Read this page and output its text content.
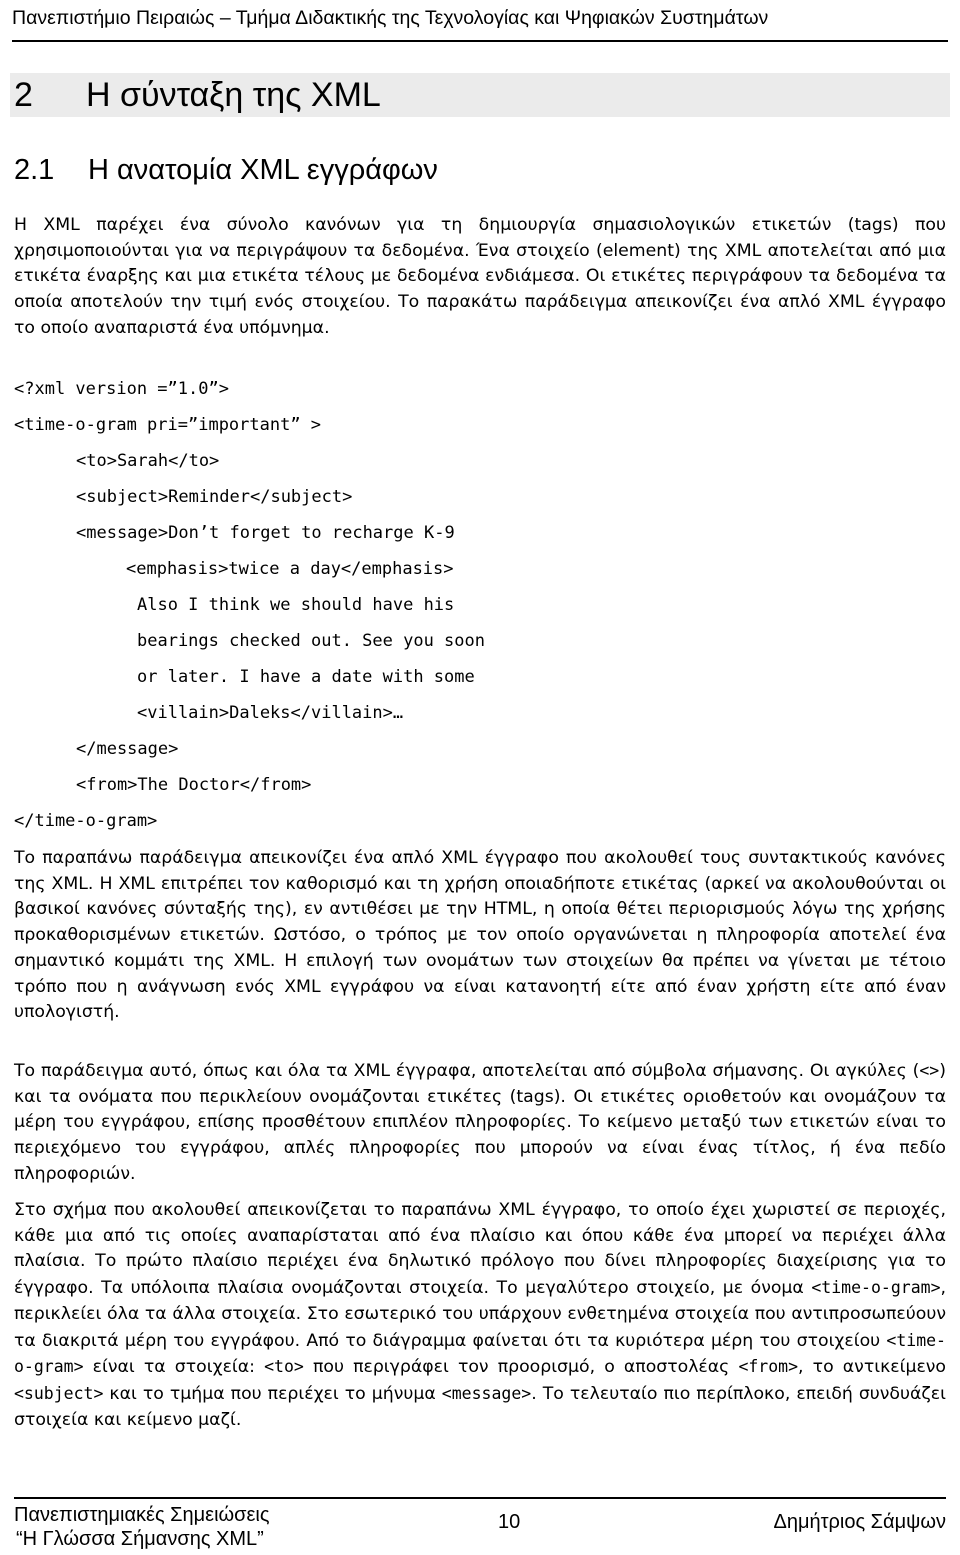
Πανεπιστήμιο Πειραιώς – Τμήμα Διδακτικής της Τεχνολογίας και Ψηφιακών Συστημάτων
2 Η σύνταξη της XML
2.1 Η ανατομία XML εγγράφων

Η XML παρέχει ένα σύνολο κανόνων για τη δημιουργία σημασιολογικών ετικετών (tags) που χρησιμοποιούνται για να περιγράψουν τα δεδομένα. Ένα στοιχείο (element) της XML αποτελείται από μια ετικέτα έναρξης και μια ετικέτα τέλους με δεδομένα ενδιάμεσα. Οι ετικέτες περιγράφουν τα δεδομένα τα οποία αποτελούν την τιμή ενός στοιχείου. Το παρακάτω παράδειγμα απεικονίζει ένα απλό XML έγγραφο το οποίο αναπαριστά ένα υπόμνημα.

<?xml version =”1.0”>
<time-o-gram pri=”important” >
<to>Sarah</to>
<subject>Reminder</subject>
<message>Don’t forget to recharge K-9
<emphasis>twice a day</emphasis>
Also I think we should have his
bearings checked out. See you soon
or later. I have a date with some
<villain>Daleks</villain>…
</message>
<from>The Doctor</from>
</time-o-gram>

Το παραπάνω παράδειγμα απεικονίζει ένα απλό XML έγγραφο που ακολουθεί τους συντακτικούς κανόνες της XML. Η XML επιτρέπει τον καθορισμό και τη χρήση οποιαδήποτε ετικέτας (αρκεί να ακολουθούνται οι βασικοί κανόνες σύνταξής της), εν αντιθέσει με την HTML, η οποία θέτει περιορισμούς λόγω της χρήσης προκαθορισμένων ετικετών. Ωστόσο, ο τρόπος με τον οποίο οργανώνεται η πληροφορία αποτελεί ένα σημαντικό κομμάτι της XML. Η επιλογή των ονομάτων των στοιχείων θα πρέπει να γίνεται με τέτοιο τρόπο που η ανάγνωση ενός XML εγγράφου να είναι κατανοητή είτε από έναν χρήστη είτε από έναν υπολογιστή.

Το παράδειγμα αυτό, όπως και όλα τα XML έγγραφα, αποτελείται από σύμβολα σήμανσης. Οι αγκύλες (<>) και τα ονόματα που περικλείουν ονομάζονται ετικέτες (tags). Οι ετικέτες οριοθετούν και ονομάζουν τα μέρη του εγγράφου, επίσης προσθέτουν επιπλέον πληροφορίες. Το κείμενο μεταξύ των ετικετών είναι το περιεχόμενο του εγγράφου, απλές πληροφορίες που μπορούν να είναι ένας τίτλος, ή ένα πεδίο πληροφοριών.

Στο σχήμα που ακολουθεί απεικονίζεται το παραπάνω XML έγγραφο, το οποίο έχει χωριστεί σε περιοχές, κάθε μια από τις οποίες αναπαρίσταται από ένα πλαίσιο και όπου κάθε ένα μπορεί να περιέχει άλλα πλαίσια. Το πρώτο πλαίσιο περιέχει ένα δηλωτικό πρόλογο που δίνει πληροφορίες διαχείρισης για το έγγραφο. Τα υπόλοιπα πλαίσια ονομάζονται στοιχεία. Το μεγαλύτερο στοιχείο, με όνομα <time-o-gram>, περικλείει όλα τα άλλα στοιχεία. Στο εσωτερικό του υπάρχουν ενθετημένα στοιχεία που αντιπροσωπεύουν τα διακριτά μέρη του εγγράφου. Από το διάγραμμα φαίνεται ότι τα κυριότερα μέρη του στοιχείου <time-o-gram> είναι τα στοιχεία: <to> που περιγράφει τον προορισμό, ο αποστολέας <from>, το αντικείμενο <subject> και το τμήμα που περιέχει το μήνυμα <message>. Το τελευταίο πιο περίπλοκο, επειδή συνδυάζει στοιχεία και κείμενο μαζί.

Πανεπιστημιακές Σημειώσεις
“Η Γλώσσα Σήμανσης XML”
10	Δημήτριος Σάμψων
